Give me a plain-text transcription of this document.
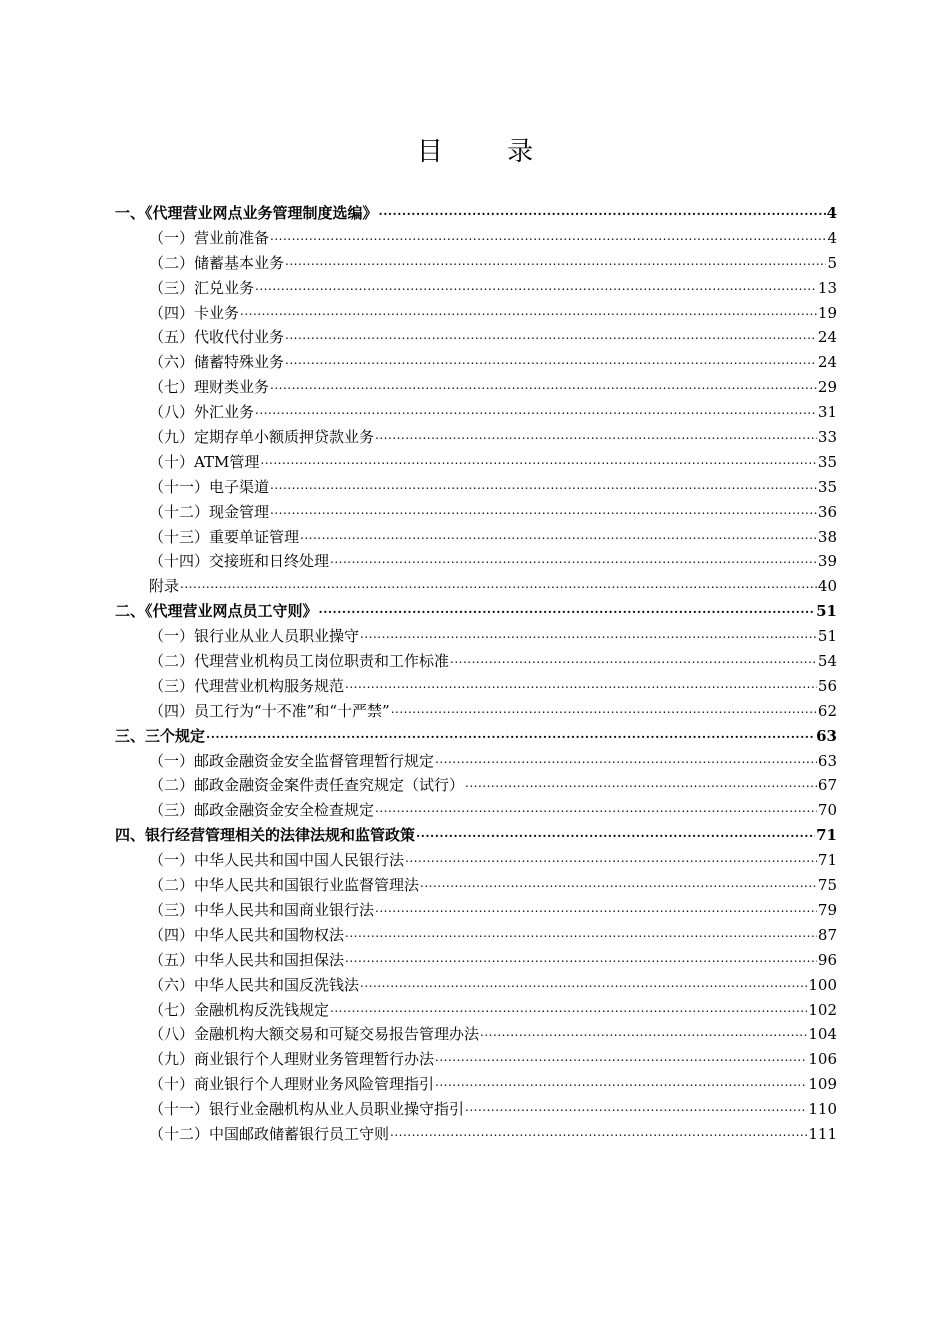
目 录
一、《代理营业网点业务管理制度选编》 .....	4
（一）营业前准备 .....	4
（二）储蓄基本业务 .....	5
（三）汇兑业务 .....	13
（四）卡业务 .....	19
（五）代收代付业务 .....	24
（六）储蓄特殊业务 .....	24
（七）理财类业务 .....	29
（八）外汇业务 .....	31
（九）定期存单小额质押贷款业务 .....	33
（十）ATM管理 .....	35
（十一）电子渠道 .....	35
（十二）现金管理 .....	36
（十三）重要单证管理 .....	38
（十四）交接班和日终处理 .....	39
附录 .....	40
二、《代理营业网点员工守则》 .....	51
（一）银行业从业人员职业操守 .....	51
（二）代理营业机构员工岗位职责和工作标准 .....	54
（三）代理营业机构服务规范 .....	56
（四）员工行为“十不准”和“十严禁” .....	62
三、三个规定 .....	63
（一）邮政金融资金安全监督管理暂行规定 .....	63
（二）邮政金融资金案件责任查究规定（试行） .....	67
（三）邮政金融资金安全检查规定 .....	70
四、银行经营管理相关的法律法规和监管政策 .....	71
（一）中华人民共和国中国人民银行法 .....	71
（二）中华人民共和国银行业监督管理法 .....	75
（三）中华人民共和国商业银行法 .....	79
（四）中华人民共和国物权法 .....	87
（五）中华人民共和国担保法 .....	96
（六）中华人民共和国反洗钱法 .....	100
（七）金融机构反洗钱规定 .....	102
（八）金融机构大额交易和可疑交易报告管理办法 .....	104
（九）商业银行个人理财业务管理暂行办法 .....	106
（十）商业银行个人理财业务风险管理指引 .....	109
（十一）银行业金融机构从业人员职业操守指引 .....	110
（十二）中国邮政储蓄银行员工守则 .....	111
